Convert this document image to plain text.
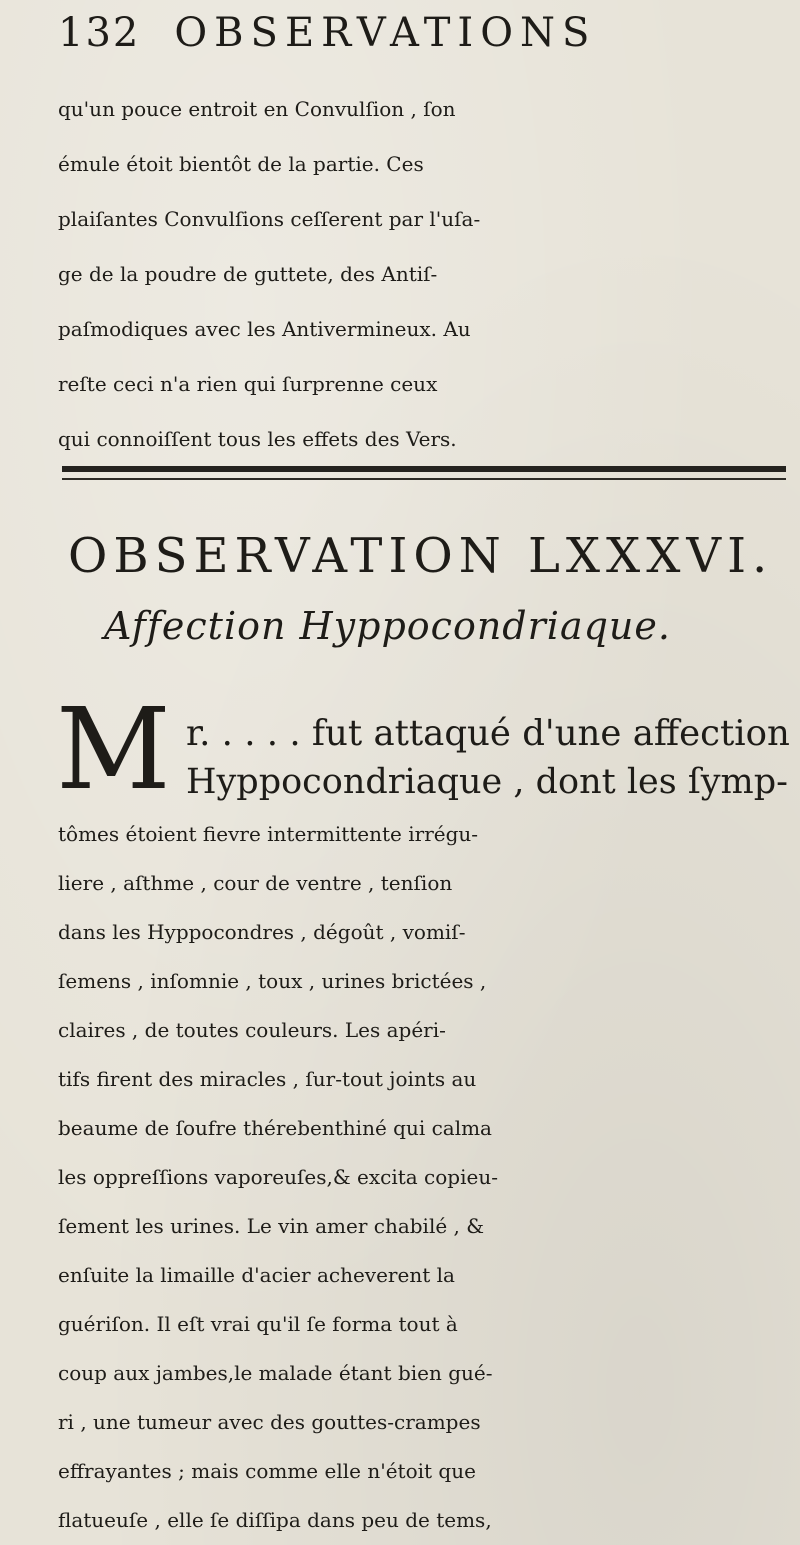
132 OBSERVATIONS
qu'un pouce entroit en Convulſion , ſon
émule étoit bientôt de la partie. Ces
plaiſantes Convulſions ceſſerent par l'uſa-
ge de la poudre de guttete, des Antiſ-
paſmodiques avec les Antivermineux. Au
reſte ceci n'a rien qui ſurprenne ceux
qui connoiſſent tous les effets des Vers.
OBSERVATION LXXXVI.
Affection Hyppocondriaque.
M r. . . . . fut attaqué d'une affection
Hyppocondriaque , dont les ſymp-
tômes étoient fievre intermittente irrégu-
liere , aſthme , cour de ventre , tenſion
dans les Hyppocondres , dégoût , vomiſ-
ſemens , inſomnie , toux , urines brictées ,
claires , de toutes couleurs. Les apéri-
tifs firent des miracles , ſur-tout joints au
beaume de ſoufre thérebenthiné qui calma
les oppreſſions vaporeuſes,& excita copieu-
ſement les urines. Le vin amer chabilé , &
enſuite la limaille d'acier acheverent la
guériſon. Il eſt vrai qu'il ſe forma tout à
coup aux jambes,le malade étant bien gué-
ri , une tumeur avec des gouttes-crampes
effrayantes ; mais comme elle n'étoit que
flatueuſe , elle ſe diſſipa dans peu de tems,
